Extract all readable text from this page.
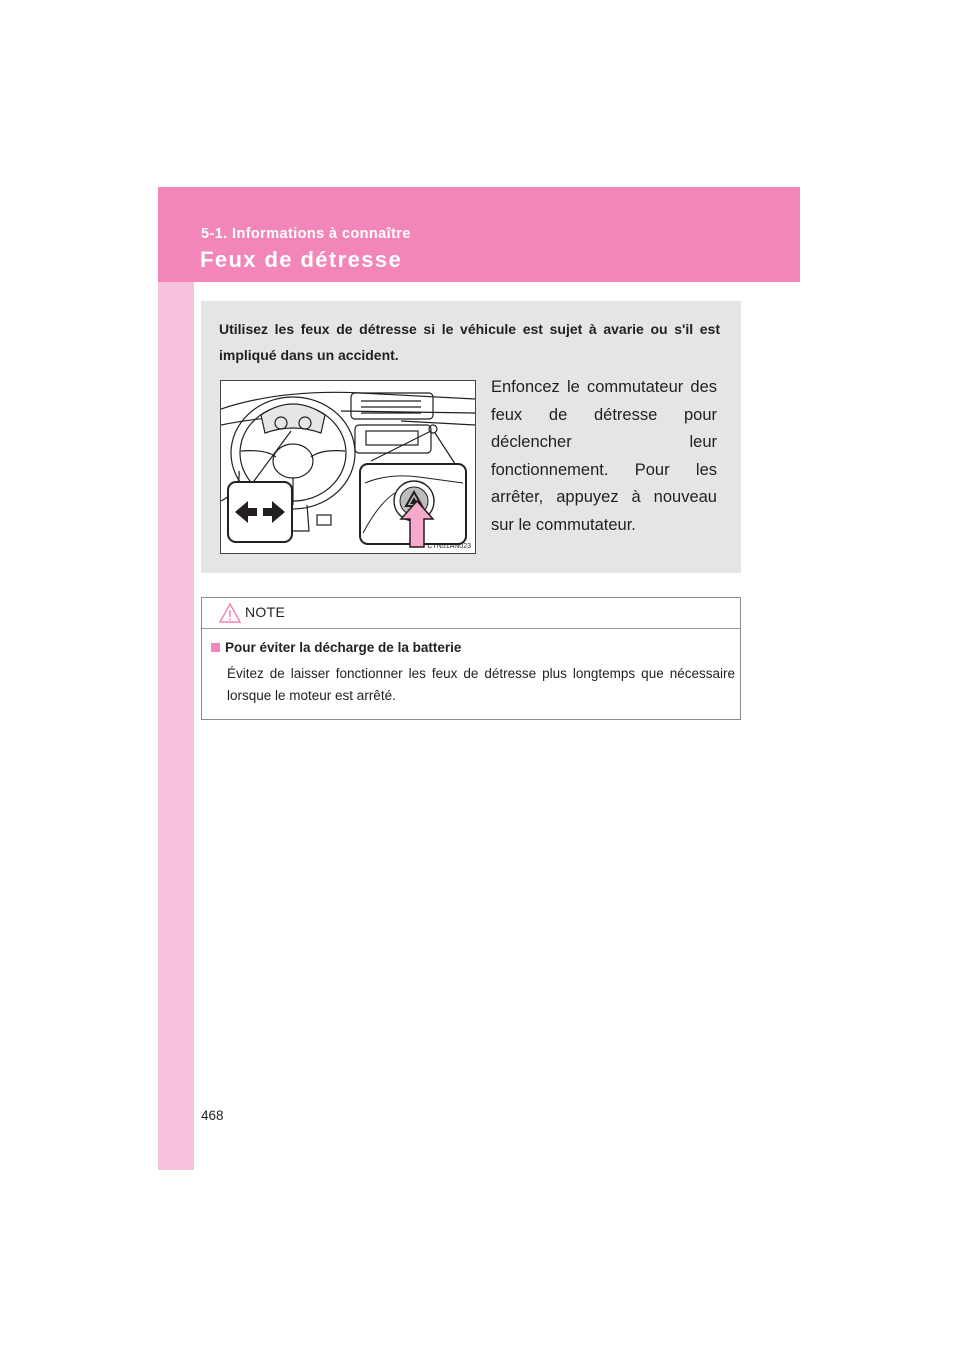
5-1. Informations à connaître
Feux de détresse

Utilisez les feux de détresse si le véhicule est sujet à avarie ou s'il est impliqué dans un accident.

CTN51AN023

Enfoncez le commutateur des feux de détresse pour déclencher leur fonctionnement. Pour les arrêter, appuyez à nouveau sur le commutateur.

NOTE
Pour éviter la décharge de la batterie

Évitez de laisser fonctionner les feux de détresse plus longtemps que nécessaire lorsque le moteur est arrêté.

468
